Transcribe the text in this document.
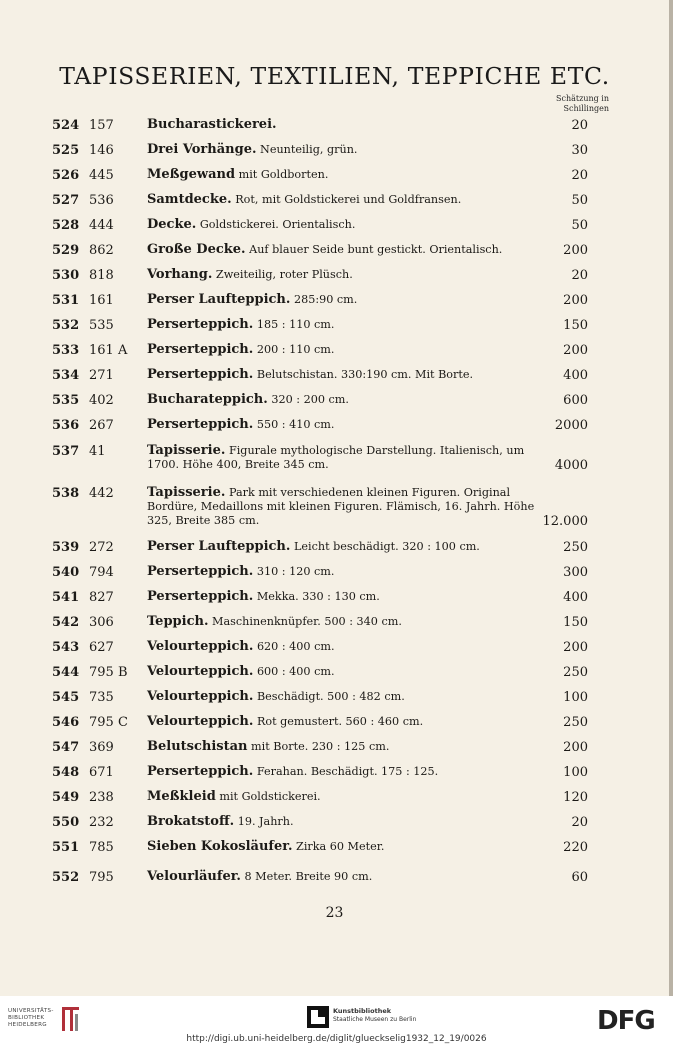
TAPISSERIEN, TEXTILIEN, TEPPICHE ETC.
Schätzung in
Schillingen
524 157	Bucharastickerei.	20
525 146	Drei Vorhänge. Neunteilig, grün.	30
526 445	Meßgewand mit Goldborten.	20
527 536	Samtdecke. Rot, mit Goldstickerei und Goldfransen.	50
528 444	Decke. Goldstickerei. Orientalisch.	50
529 862	Große Decke. Auf blauer Seide bunt gestickt. Orientalisch.	200
530 818	Vorhang. Zweiteilig, roter Plüsch.	20
531 161	Perser Laufteppich. 285:90 cm.	200
532 535	Perserteppich. 185 : 110 cm.	150
533 161 A Perserteppich. 200 : 110 cm.	200
534 271	Perserteppich. Belutschistan. 330:190 cm. Mit Borte.	400
535 402	Bucharateppich. 320 : 200 cm.	600
536 267	Perserteppich. 550 : 410 cm.	2000
537 41	Tapisserie. Figurale mythologische Darstellung. Italienisch, um 1700. Höhe 400, Breite 345 cm.	4000
538 442	Tapisserie. Park mit verschiedenen kleinen Figuren. Original Bordüre, Medaillons mit kleinen Figuren. Flämisch, 16. Jahrh. Höhe 325, Breite 385 cm.	12.000
539 272	Perser Laufteppich. Leicht beschädigt. 320 : 100 cm.	250
540 794	Perserteppich. 310 : 120 cm.	300
541 827	Perserteppich. Mekka. 330 : 130 cm.	400
542 306	Teppich. Maschinenknüpfer. 500 : 340 cm.	150
543 627	Velourteppich. 620 : 400 cm.	200
544 795 B Velourteppich. 600 : 400 cm.	250
545 735	Velourteppich. Beschädigt. 500 : 482 cm.	100
546 795 C Velourteppich. Rot gemustert. 560 : 460 cm.	250
547 369	Belutschistan mit Borte. 230 : 125 cm.	200
548 671	Perserteppich. Ferahan. Beschädigt. 175 : 125.	100
549 238	Meßkleid mit Goldstickerei.	120
550 232	Brokatstoff. 19. Jahrh.	20
551 785	Sieben Kokosläufer. Zirka 60 Meter.	220
552 795	Velourläufer. 8 Meter. Breite 90 cm.	60
23
UNIVERSITÄTS-
BIBLIOTHEK
HEIDELBERG
Kunstbibliothek
Staatliche Museen zu Berlin	DFG
http://digi.ub.uni-heidelberg.de/diglit/glueckselig1932_12_19/0026
